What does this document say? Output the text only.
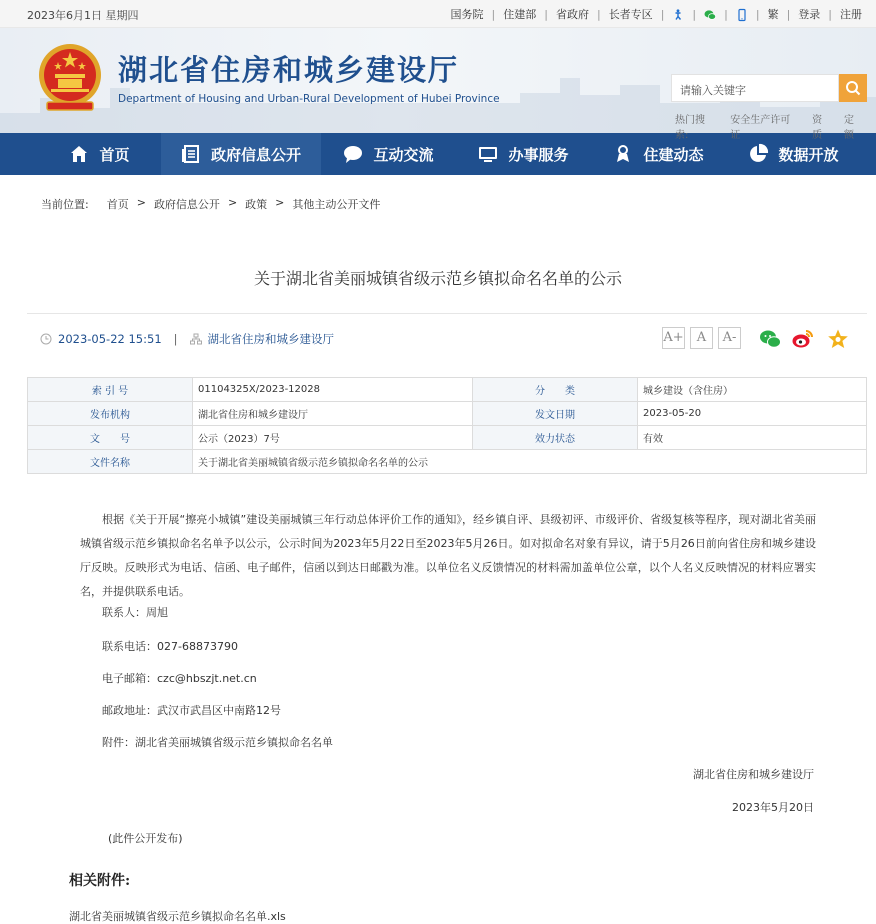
2023年6月1日 星期四	国务院 | 住建部 | 省政府 | 长者专区 |	|	|	| 繁 | 登录 | 注册
湖北省住房和城乡建设厅
Department of Housing and Urban-Rural Development of Hubei Province
请输入关键字
热门搜索:
安全生产许可证
资质
定额
首页	政府信息公开	互动交流	办事服务	住建动态	数据开放
当前位置: 首页 > 政府信息公开 > 政策 > 其他主动公开文件
关于湖北省美丽城镇省级示范乡镇拟命名名单的公示
2023-05-22 15:51 |	湖北省住房和城乡建设厅	A+	A	A-
索 引 号	01104325X/2023-12028	分　　类	城乡建设（含住房）
发布机构	湖北省住房和城乡建设厅	发文日期	2023-05-20
文　　号	公示（2023）7号	效力状态	有效
文件名称	关于湖北省美丽城镇省级示范乡镇拟命名名单的公示		

根据《关于开展“擦亮小城镇”建设美丽城镇三年行动总体评价工作的通知》，经乡镇自评、县级初评、市级评价、省级复核等程序，现对湖北省美丽城镇省级示范乡镇拟命名名单予以公示，公示时间为2023年5月22日至2023年5月26日。如对拟命名对象有异议，请于5月26日前向省住房和城乡建设厅反映。反映形式为电话、信函、电子邮件，信函以到达日邮戳为准。以单位名义反馈情况的材料需加盖单位公章，以个人名义反映情况的材料应署实名，并提供联系电话。

联系人：周旭
联系电话：027-68873790
电子邮箱：czc@hbszjt.net.cn
邮政地址：武汉市武昌区中南路12号
附件：湖北省美丽城镇省级示范乡镇拟命名名单
湖北省住房和城乡建设厅
2023年5月20日
(此件公开发布)
相关附件:
湖北省美丽城镇省级示范乡镇拟命名名单.xls
